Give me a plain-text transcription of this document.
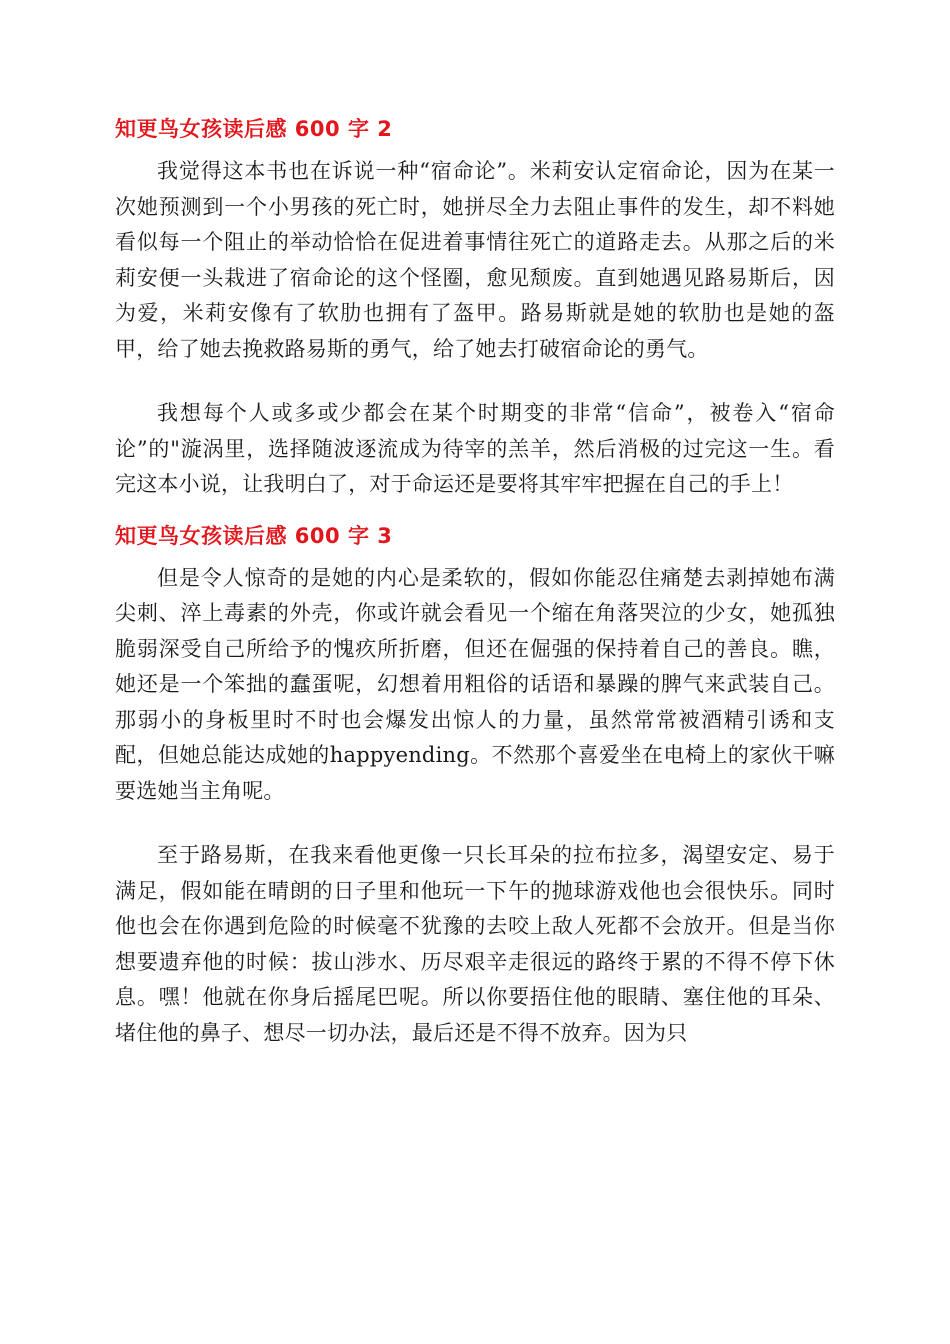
知更鸟女孩读后感 600 字 2

我觉得这本书也在诉说一种“宿命论”。米莉安认定宿命论，因为在某一次她预测到一个小男孩的死亡时，她拼尽全力去阻止事件的发生，却不料她看似每一个阻止的举动恰恰在促进着事情往死亡的道路走去。从那之后的米莉安便一头栽进了宿命论的这个怪圈，愈见颓废。直到她遇见路易斯后，因为爱，米莉安像有了软肋也拥有了盔甲。路易斯就是她的软肋也是她的盔甲，给了她去挽救路易斯的勇气，给了她去打破宿命论的勇气。

我想每个人或多或少都会在某个时期变的非常“信命”，被卷入“宿命论”的"漩涡里，选择随波逐流成为待宰的羔羊，然后消极的过完这一生。看完这本小说，让我明白了，对于命运还是要将其牢牢把握在自己的手上！

知更鸟女孩读后感 600 字 3

但是令人惊奇的是她的内心是柔软的，假如你能忍住痛楚去剥掉她布满尖刺、淬上毒素的外壳，你或许就会看见一个缩在角落哭泣的少女，她孤独脆弱深受自己所给予的愧疚所折磨，但还在倔强的保持着自己的善良。瞧，她还是一个笨拙的蠢蛋呢，幻想着用粗俗的话语和暴躁的脾气来武装自己。那弱小的身板里时不时也会爆发出惊人的力量，虽然常常被酒精引诱和支配，但她总能达成她的happyending。不然那个喜爱坐在电椅上的家伙干嘛要选她当主角呢。

至于路易斯，在我来看他更像一只长耳朵的拉布拉多，渴望安定、易于满足，假如能在晴朗的日子里和他玩一下午的抛球游戏他也会很快乐。同时他也会在你遇到危险的时候毫不犹豫的去咬上敌人死都不会放开。但是当你想要遗弃他的时候：拔山涉水、历尽艰辛走很远的路终于累的不得不停下休息。嘿！他就在你身后摇尾巴呢。所以你要捂住他的眼睛、塞住他的耳朵、堵住他的鼻子、想尽一切办法，最后还是不得不放弃。因为只
